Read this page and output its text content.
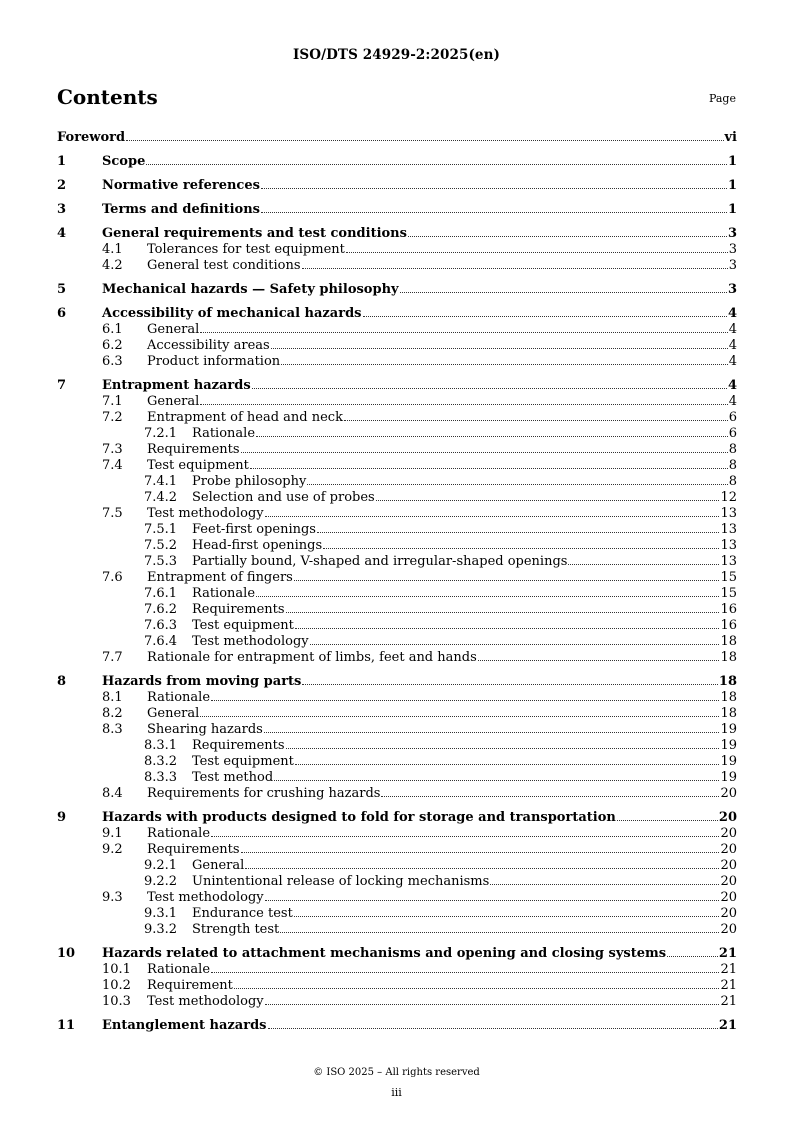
ISO/DTS 24929-2:2025(en)
Contents	Page
Foreword	vi
1	Scope	1
2	Normative references	1
3	Terms and definitions	1
4	General requirements and test conditions	3
4.1	Tolerances for test equipment	3
4.2	General test conditions	3
5	Mechanical hazards — Safety philosophy	3
6	Accessibility of mechanical hazards	4
6.1	General	4
6.2	Accessibility areas	4
6.3	Product information	4
7	Entrapment hazards	4
7.1	General	4
7.2	Entrapment of head and neck	6
7.2.1	Rationale	6
7.3	Requirements	8
7.4	Test equipment	8
7.4.1	Probe philosophy	8
7.4.2	Selection and use of probes	12
7.5	Test methodology	13
7.5.1	Feet-first openings	13
7.5.2	Head-first openings	13
7.5.3	Partially bound, V-shaped and irregular-shaped openings	13
7.6	Entrapment of fingers	15
7.6.1	Rationale	15
7.6.2	Requirements	16
7.6.3	Test equipment	16
7.6.4	Test methodology	18
7.7	Rationale for entrapment of limbs, feet and hands	18
8	Hazards from moving parts	18
8.1	Rationale	18
8.2	General	18
8.3	Shearing hazards	19
8.3.1	Requirements	19
8.3.2	Test equipment	19
8.3.3	Test method	19
8.4	Requirements for crushing hazards	20
9	Hazards with products designed to fold for storage and transportation	20
9.1	Rationale	20
9.2	Requirements	20
9.2.1	General	20
9.2.2	Unintentional release of locking mechanisms	20
9.3	Test methodology	20
9.3.1	Endurance test	20
9.3.2	Strength test	20
10	Hazards related to attachment mechanisms and opening and closing systems	21
10.1	Rationale	21
10.2	Requirement	21
10.3	Test methodology	21
11	Entanglement hazards	21
© ISO 2025 – All rights reserved
iii
